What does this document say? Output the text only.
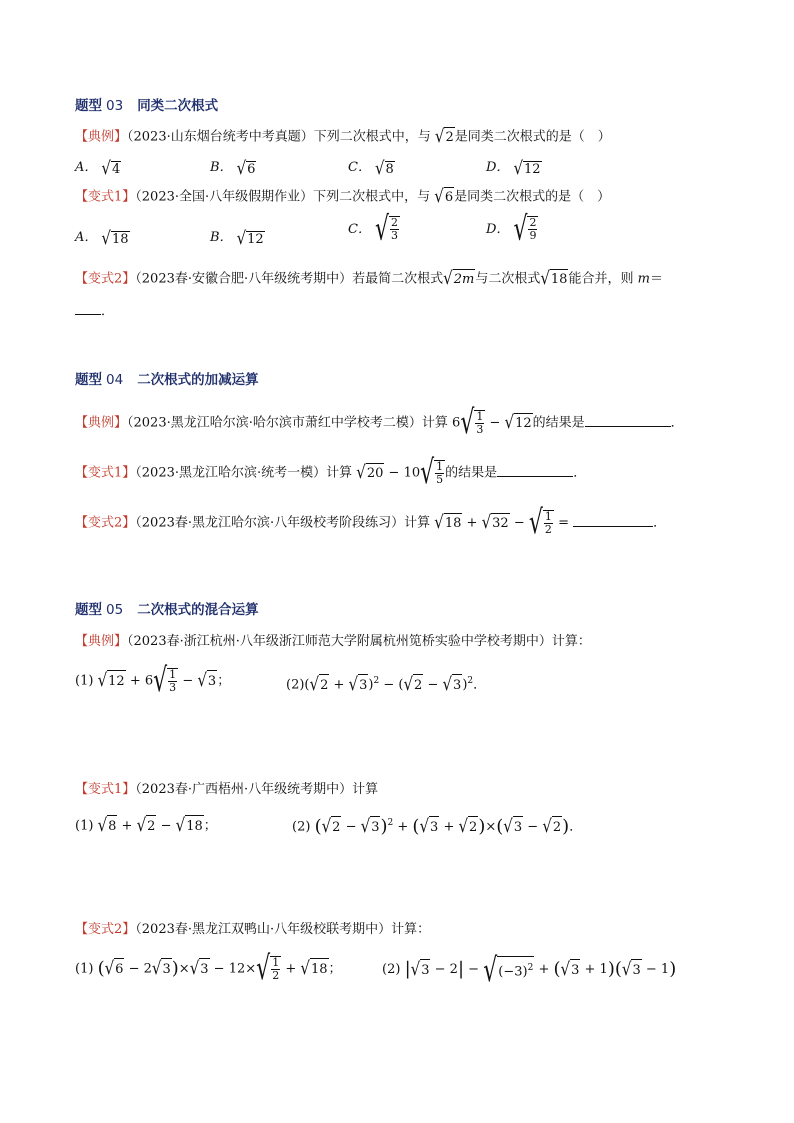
题型 03 同类二次根式
【典例】（2023·山东烟台统考中考真题）下列二次根式中，与 √2是同类二次根式的是（　）
A． √4	B． √6	C． √8	D． √12
【变式1】（2023·全国·八年级假期作业）下列二次根式中，与 √6是同类二次根式的是（　）
A． √18	B． √12
C． √ $\frac{2}{3}$	D． √ $\frac{2}{9}$
【变式2】（2023春·安徽合肥·八年级统考期中）若最简二次根式√2m与二次根式√18能合并，则 m＝
．
题型 04 二次根式的加减运算
【典例】（2023·黑龙江哈尔滨·哈尔滨市萧红中学校考二模）计算 $6√ \frac{1}{3} - √12$的结果是	．
【变式1】（2023·黑龙江哈尔滨·统考一模）计算 $√20 - 10√ \frac{1}{5}$ 的结果是	．
【变式2】（2023春·黑龙江哈尔滨·八年级校考阶段练习）计算 √18 + √32 − √ $\frac{1}{2}$ =	．
题型 05 二次根式的混合运算
【典例】（2023春·浙江杭州·八年级浙江师范大学附属杭州笕桥实验中学校考期中）计算：
(1) $√12 + 6√ \frac{1}{3} - √3$；	$(2)(√2 + √3)^2 - (√2 - √3)^2$．
【变式1】（2023春·广西梧州·八年级统考期中）计算
(1) √8 + √2 − √18；	(2) $(√2 - √3)^2 + (√3 + √2)\times(√3 - √2)$．
【变式2】（2023春·黑龙江双鸭山·八年级校联考期中）计算：
(1) $(√6 - 2√3)\times√3 - 12\times√ \frac{1}{2} + √18$；	(2) $|√3 - 2| - √(-3)^2 + (√3 + 1)(√3 - 1)$
